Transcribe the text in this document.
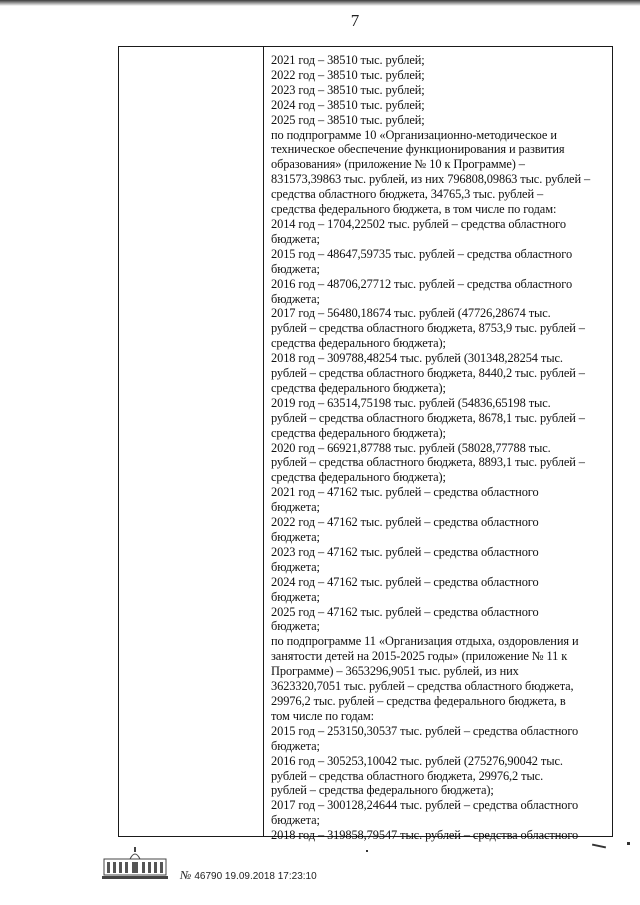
7
2021 год – 38510 тыс. рублей;
2022 год – 38510 тыс. рублей;
2023 год – 38510 тыс. рублей;
2024 год – 38510 тыс. рублей;
2025 год – 38510 тыс. рублей;
по подпрограмме 10 «Организационно-методическое и
техническое обеспечение функционирования и развития
образования» (приложение № 10 к Программе) –
831573,39863 тыс. рублей, из них 796808,09863 тыс. рублей –
средства областного бюджета, 34765,3 тыс. рублей –
средства федерального бюджета, в том числе по годам:
2014 год – 1704,22502 тыс. рублей – средства областного
бюджета;
2015 год – 48647,59735 тыс. рублей – средства областного
бюджета;
2016 год – 48706,27712 тыс. рублей – средства областного
бюджета;
2017 год – 56480,18674 тыс. рублей (47726,28674 тыс.
рублей – средства областного бюджета, 8753,9 тыс. рублей –
средства федерального бюджета);
2018 год – 309788,48254 тыс. рублей (301348,28254 тыс.
рублей – средства областного бюджета, 8440,2 тыс. рублей –
средства федерального бюджета);
2019 год – 63514,75198 тыс. рублей (54836,65198 тыс.
рублей – средства областного бюджета, 8678,1 тыс. рублей –
средства федерального бюджета);
2020 год – 66921,87788 тыс. рублей (58028,77788 тыс.
рублей – средства областного бюджета, 8893,1 тыс. рублей –
средства федерального бюджета);
2021 год – 47162 тыс. рублей – средства областного
бюджета;
2022 год – 47162 тыс. рублей – средства областного
бюджета;
2023 год – 47162 тыс. рублей – средства областного
бюджета;
2024 год – 47162 тыс. рублей – средства областного
бюджета;
2025 год – 47162 тыс. рублей – средства областного
бюджета;
по подпрограмме 11 «Организация отдыха, оздоровления и
занятости детей на 2015-2025 годы» (приложение № 11 к
Программе) – 3653296,9051 тыс. рублей, из них
3623320,7051 тыс. рублей – средства областного бюджета,
29976,2 тыс. рублей – средства федерального бюджета, в
том числе по годам:
2015 год – 253150,30537 тыс. рублей – средства областного
бюджета;
2016 год – 305253,10042 тыс. рублей (275276,90042 тыс.
рублей – средства областного бюджета, 29976,2 тыс.
рублей – средства федерального бюджета);
2017 год – 300128,24644 тыс. рублей – средства областного
бюджета;
2018 год – 319858,79547 тыс. рублей – средства областного
№ 46790 19.09.2018 17:23:10
